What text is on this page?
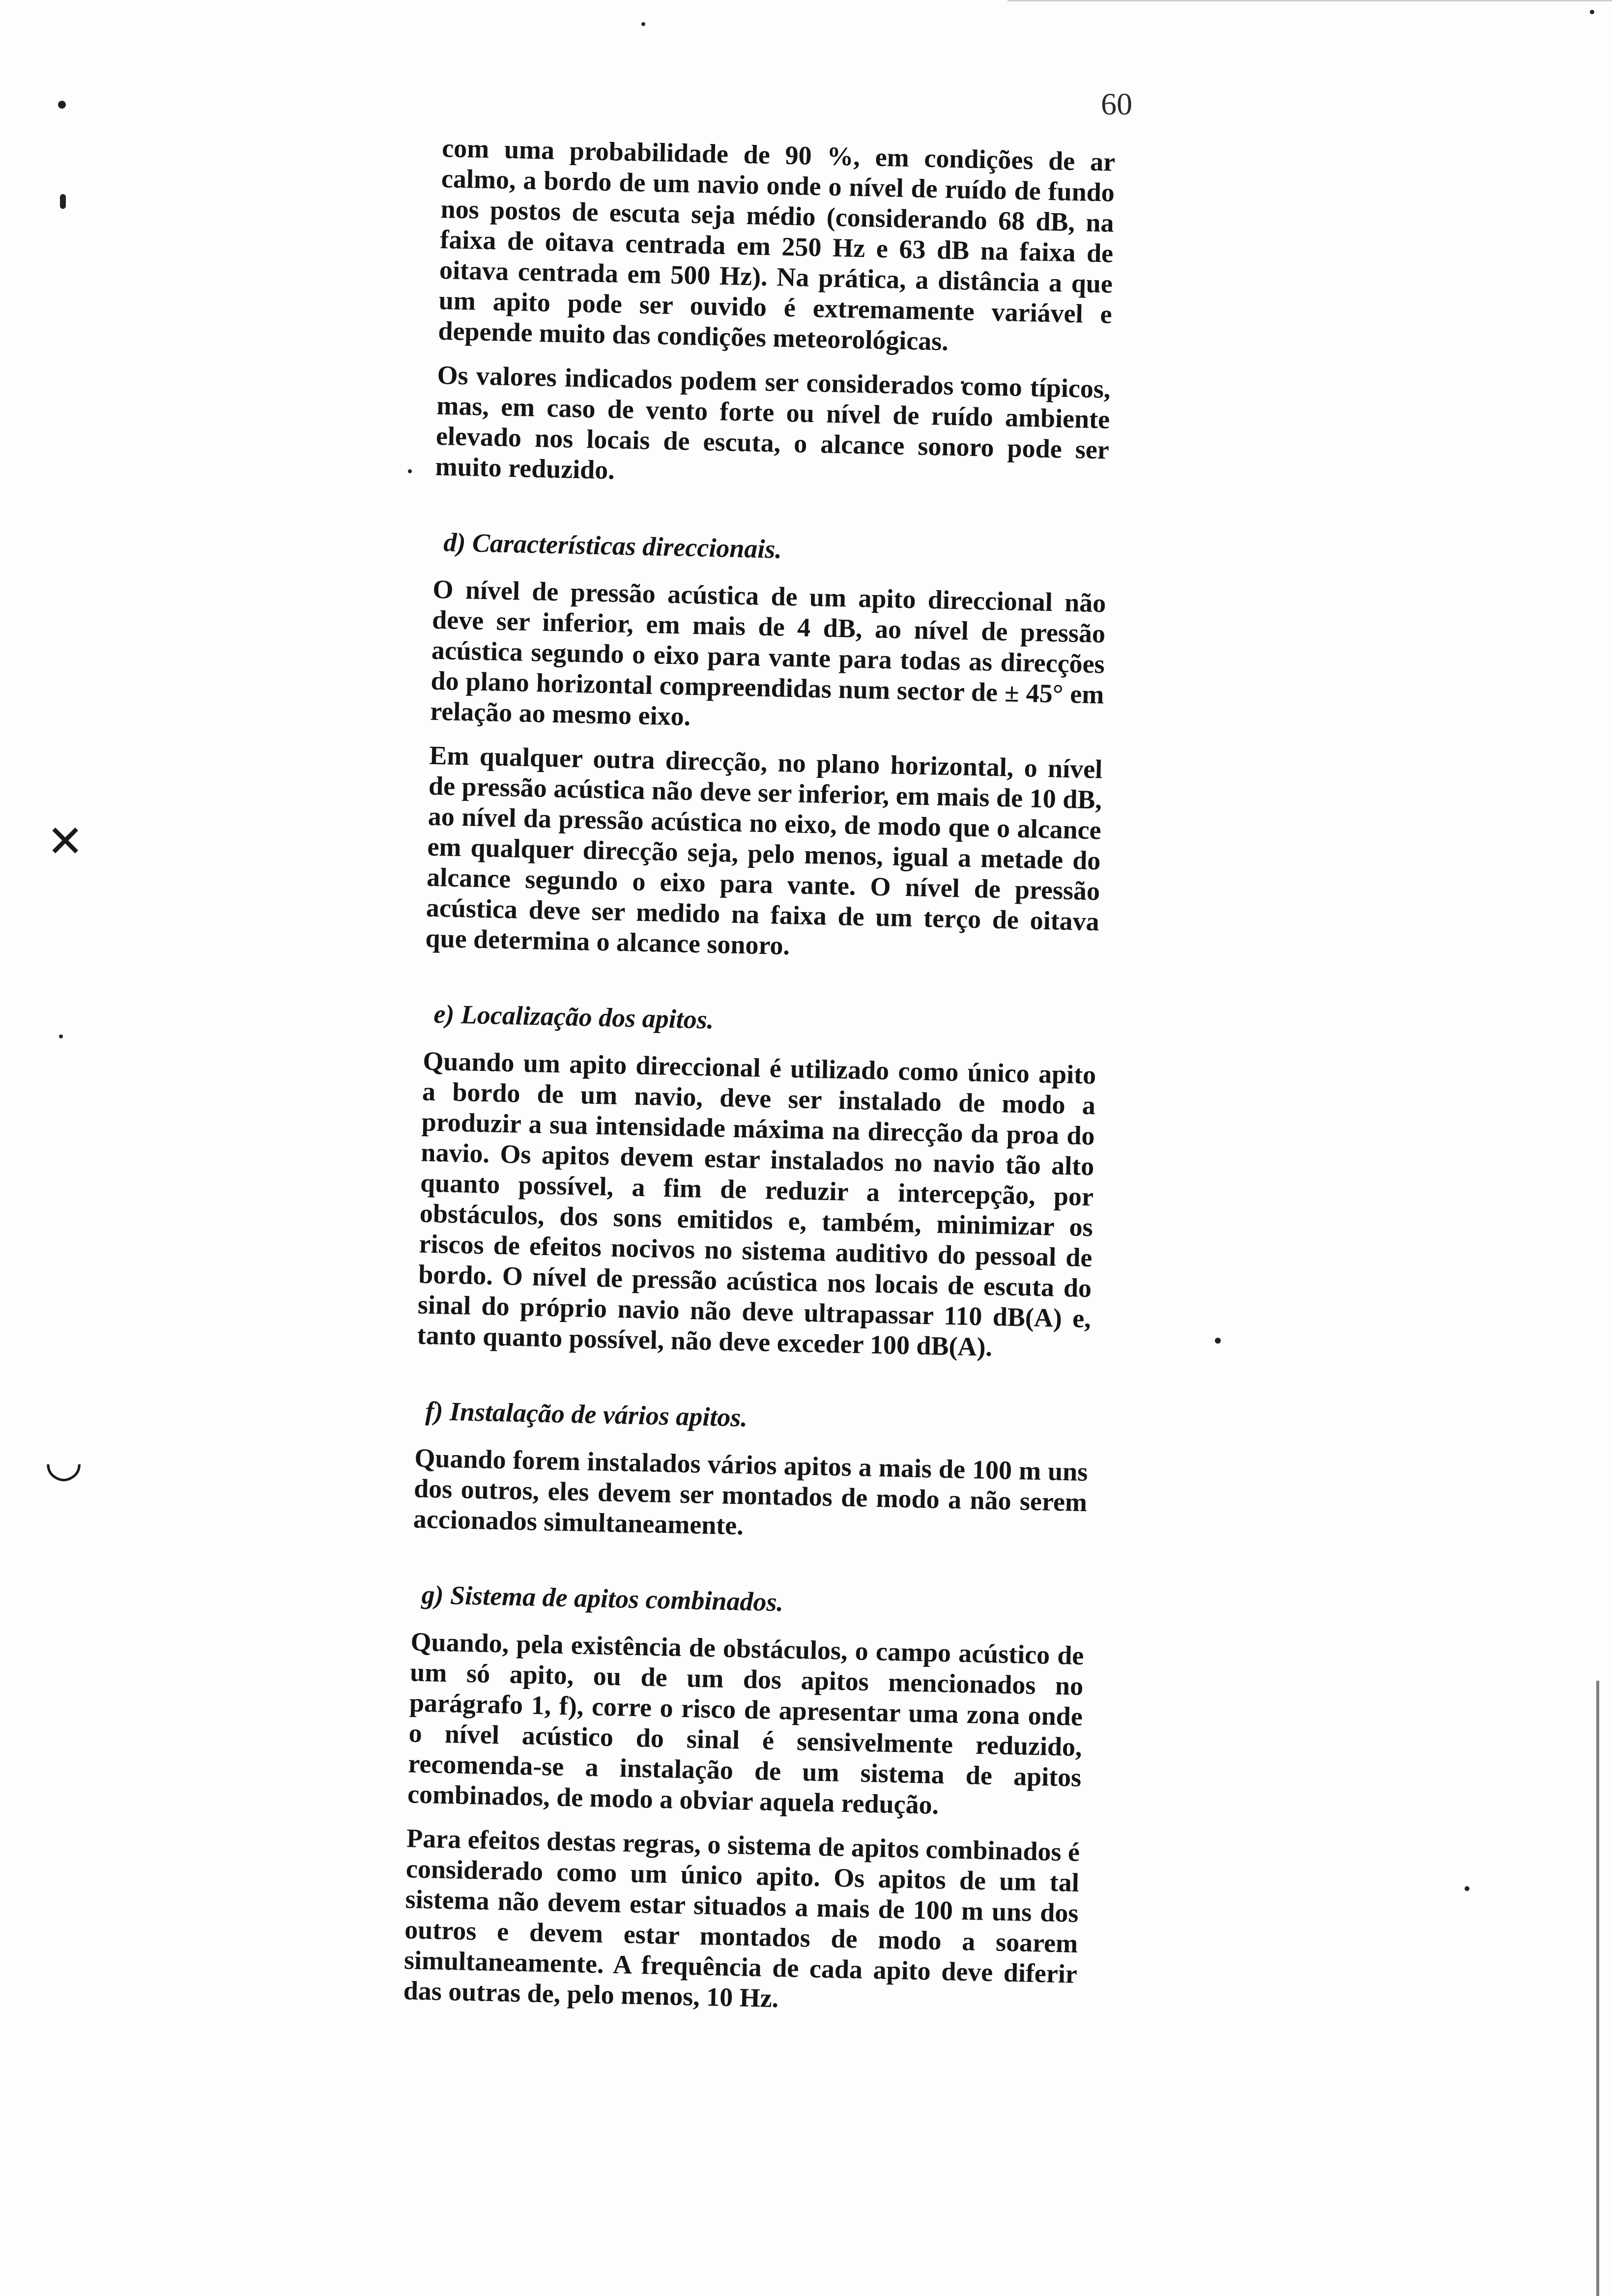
✕
◡
60

com uma probabilidade de 90 %, em condições de ar calmo, a bordo de um navio onde o nível de ruído de fundo nos postos de escuta seja médio (considerando 68 dB, na faixa de oitava centrada em 250 Hz e 63 dB na faixa de oitava centrada em 500 Hz). Na prática, a distância a que um apito pode ser ouvido é extremamente variável e depende muito das condições meteorológicas.

Os valores indicados podem ser considerados como típicos, mas, em caso de vento forte ou nível de ruído ambiente elevado nos locais de escuta, o alcance sonoro pode ser muito reduzido.

d) Características direccionais.

O nível de pressão acústica de um apito direccional não deve ser inferior, em mais de 4 dB, ao nível de pressão acústica segundo o eixo para vante para todas as direcções do plano horizontal compreendidas num sector de ± 45° em relação ao mesmo eixo.

Em qualquer outra direcção, no plano horizontal, o nível de pressão acústica não deve ser inferior, em mais de 10 dB, ao nível da pressão acústica no eixo, de modo que o alcance em qualquer direcção seja, pelo menos, igual a metade do alcance segundo o eixo para vante. O nível de pressão acústica deve ser medido na faixa de um terço de oitava que determina o alcance sonoro.

e) Localização dos apitos.

Quando um apito direccional é utilizado como único apito a bordo de um navio, deve ser instalado de modo a produzir a sua intensidade máxima na direcção da proa do navio. Os apitos devem estar instalados no navio tão alto quanto possível, a fim de reduzir a intercepção, por obstáculos, dos sons emitidos e, também, minimizar os riscos de efeitos nocivos no sistema auditivo do pessoal de bordo. O nível de pressão acústica nos locais de escuta do sinal do próprio navio não deve ultrapassar 110 dB(A) e, tanto quanto possível, não deve exceder 100 dB(A).

f) Instalação de vários apitos.

Quando forem instalados vários apitos a mais de 100 m uns dos outros, eles devem ser montados de modo a não serem accionados simultaneamente.

g) Sistema de apitos combinados.

Quando, pela existência de obstáculos, o campo acústico de um só apito, ou de um dos apitos mencionados no parágrafo 1, f), corre o risco de apresentar uma zona onde o nível acústico do sinal é sensivelmente reduzido, recomenda-se a instalação de um sistema de apitos combinados, de modo a obviar aquela redução.

Para efeitos destas regras, o sistema de apitos combinados é considerado como um único apito. Os apitos de um tal sistema não devem estar situados a mais de 100 m uns dos outros e devem estar montados de modo a soarem simultaneamente. A frequência de cada apito deve diferir das outras de, pelo menos, 10 Hz.
